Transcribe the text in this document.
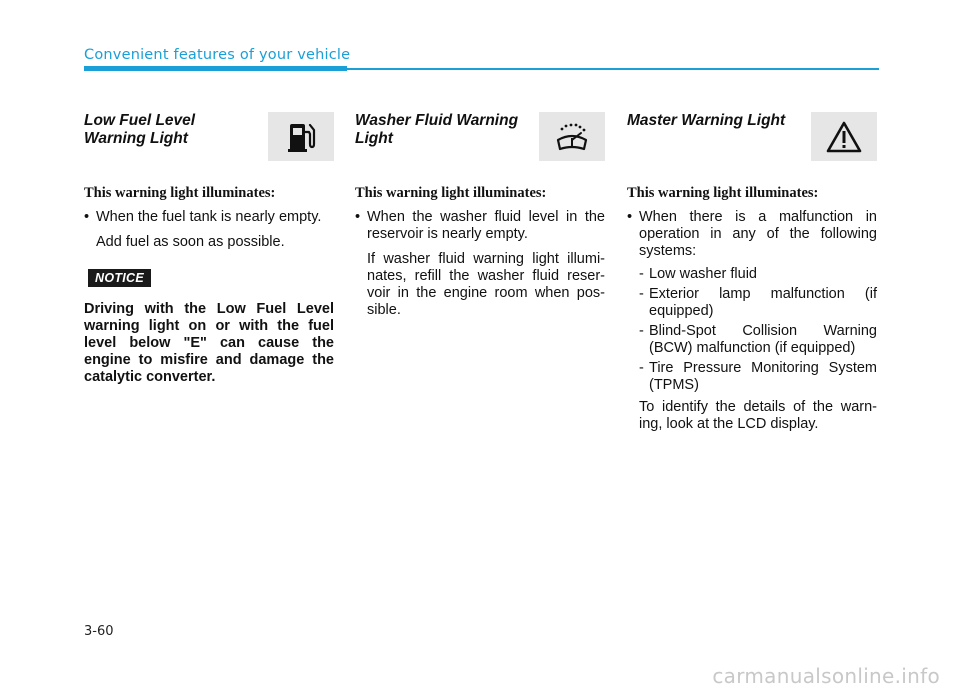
Convenient features of your vehicle

Low Fuel Level
Warning Light

This warning light illuminates:
• When the fuel tank is nearly empty.
Add fuel as soon as possible.
NOTICE
Driving with the Low Fuel Level warning light on or with the fuel level below "E" can cause the engine to misfire and damage the catalytic converter.

Washer Fluid Warning
Light

This warning light illuminates:
• When the washer fluid level in the reservoir is nearly empty.
If washer fluid warning light illumi- nates, refill the washer fluid reser- voir in the engine room when pos- sible.

Master Warning Light

This warning light illuminates:
• When there is a malfunction in operation in any of the following systems:
- Low washer fluid
- Exterior lamp malfunction (if equipped)
- Blind-Spot Collision Warning (BCW) malfunction (if equipped)
- Tire Pressure Monitoring System (TPMS)
To identify the details of the warn- ing, look at the LCD display.
3-60
carmanualsonline.info
